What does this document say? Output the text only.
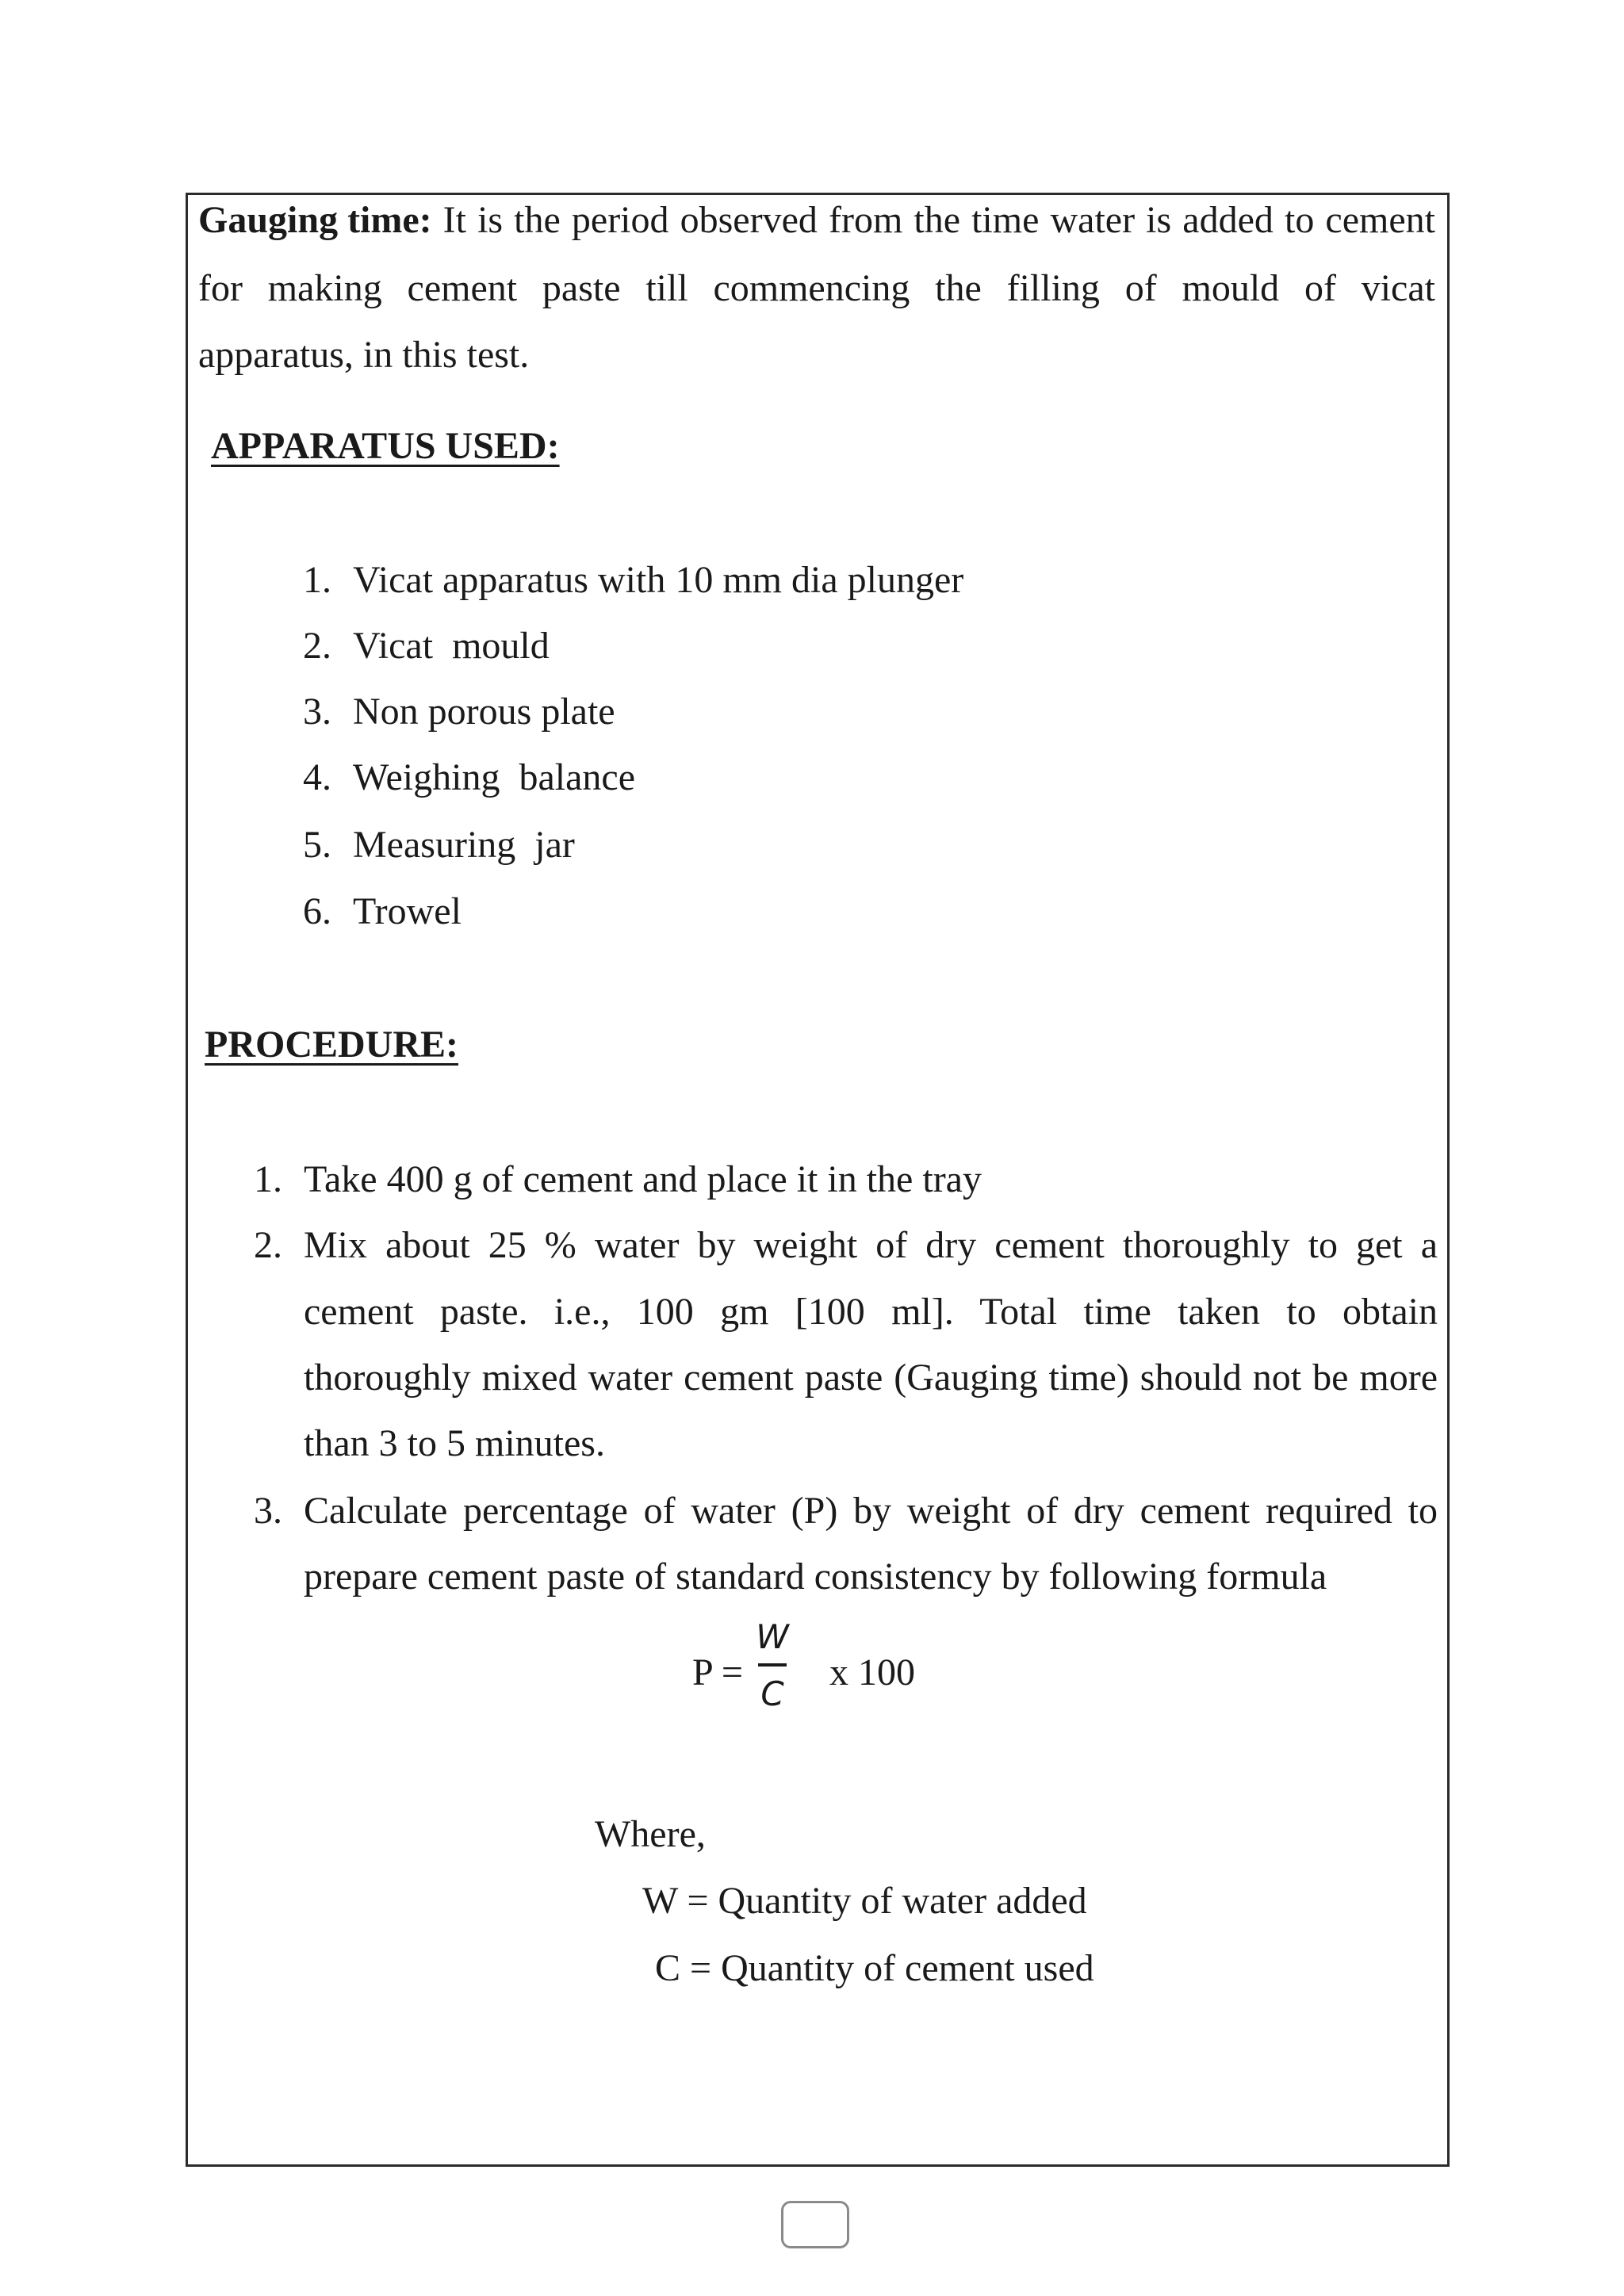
Gauging time: It is the period observed from the time water is added to cement
for making cement paste till commencing the filling of mould of vicat
apparatus, in this test.
APPARATUS USED:
1. Vicat apparatus with 10 mm dia plunger
2. Vicat  mould
3. Non porous plate
4. Weighing  balance
5. Measuring  jar
6. Trowel
PROCEDURE:
1. Take 400 g of cement and place it in the tray
2. Mix about 25 % water by weight of dry cement thoroughly to get a
cement paste. i.e., 100 gm [100 ml]. Total time taken to obtain
thoroughly mixed water cement paste (Gauging time) should not be more
than 3 to 5 minutes.
3. Calculate percentage of water (P) by weight of dry cement required to
prepare cement paste of standard consistency by following formula
P =
W
C
x 100
Where,
W = Quantity of water added
C = Quantity of cement used
